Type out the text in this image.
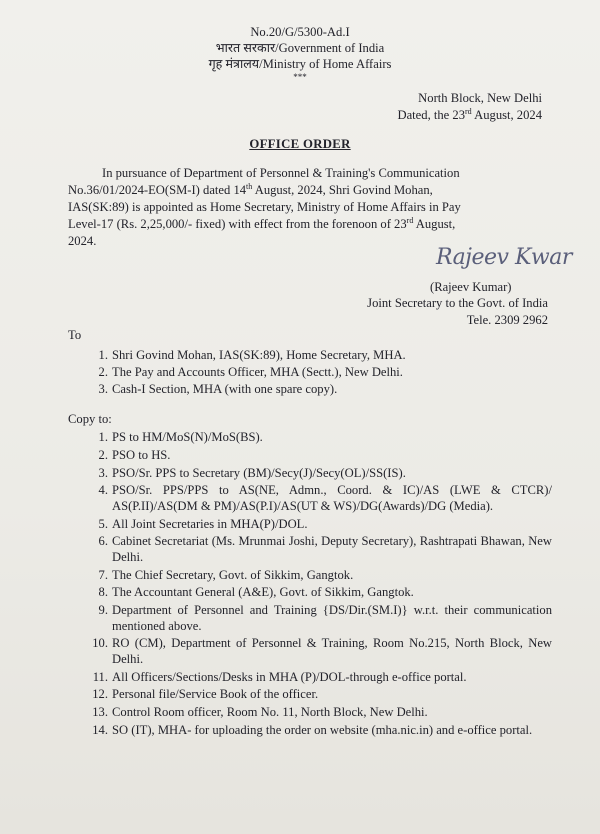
No.20/G/5300-Ad.I
भारत सरकार/Government of India
गृह मंत्रालय/Ministry of Home Affairs
***
North Block, New Delhi
Dated, the 23rd August, 2024
OFFICE ORDER
In pursuance of Department of Personnel & Training's Communication
No.36/01/2024-EO(SM-I) dated 14th August, 2024, Shri Govind Mohan,
IAS(SK:89) is appointed as Home Secretary, Ministry of Home Affairs in Pay
Level-17 (Rs. 2,25,000/- fixed) with effect from the forenoon of 23rd August,
2024.
Rajeev Kwar
(Rajeev Kumar)
Joint Secretary to the Govt. of India
Tele. 2309 2962
To
1. Shri Govind Mohan, IAS(SK:89), Home Secretary, MHA.
2. The Pay and Accounts Officer, MHA (Sectt.), New Delhi.
3. Cash-I Section, MHA (with one spare copy).
Copy to:
1. PS to HM/MoS(N)/MoS(BS).
2. PSO to HS.
3. PSO/Sr. PPS to Secretary (BM)/Secy(J)/Secy(OL)/SS(IS).
4. PSO/Sr. PPS/PPS to AS(NE, Admn., Coord. & IC)/AS (LWE & CTCR)/ AS(P.II)/AS(DM & PM)/AS(P.I)/AS(UT & WS)/DG(Awards)/DG (Media).
5. All Joint Secretaries in MHA(P)/DOL.
6. Cabinet Secretariat (Ms. Mrunmai Joshi, Deputy Secretary), Rashtrapati Bhawan, New Delhi.
7. The Chief Secretary, Govt. of Sikkim, Gangtok.
8. The Accountant General (A&E), Govt. of Sikkim, Gangtok.
9. Department of Personnel and Training {DS/Dir.(SM.I)} w.r.t. their communication mentioned above.
10. RO (CM), Department of Personnel & Training, Room No.215, North Block, New Delhi.
11. All Officers/Sections/Desks in MHA (P)/DOL-through e-office portal.
12. Personal file/Service Book of the officer.
13. Control Room officer, Room No. 11, North Block, New Delhi.
14. SO (IT), MHA- for uploading the order on website (mha.nic.in) and e-office portal.
